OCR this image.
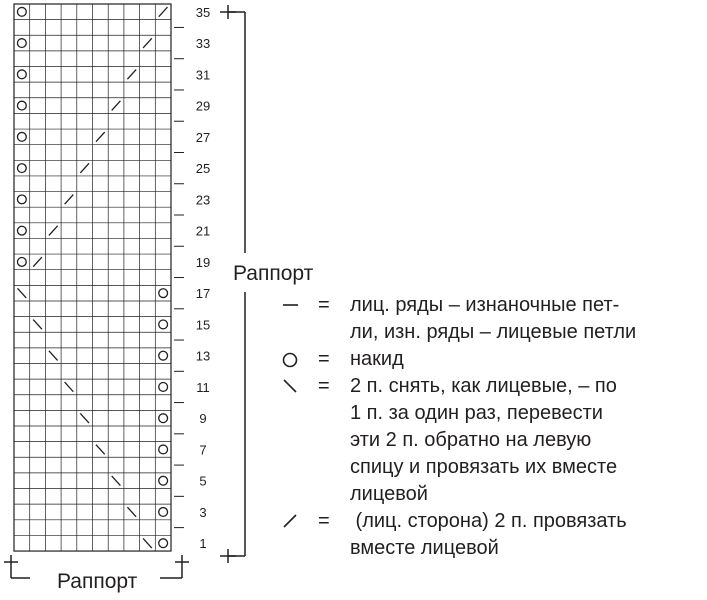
35
33
31
29
27
25
23
21
19
17
15
13
11
9
7
5
3
1
Раппорт
Раппорт
= лиц. ряды – изнаночные пет-
ли, изн. ряды – лицевые петли
= накид
= 2 п. снять, как лицевые, – по
1 п. за один раз, перевести
эти 2 п. обратно на левую
спицу и провязать их вместе
лицевой
= (лиц. сторона) 2 п. провязать
вместе лицевой
